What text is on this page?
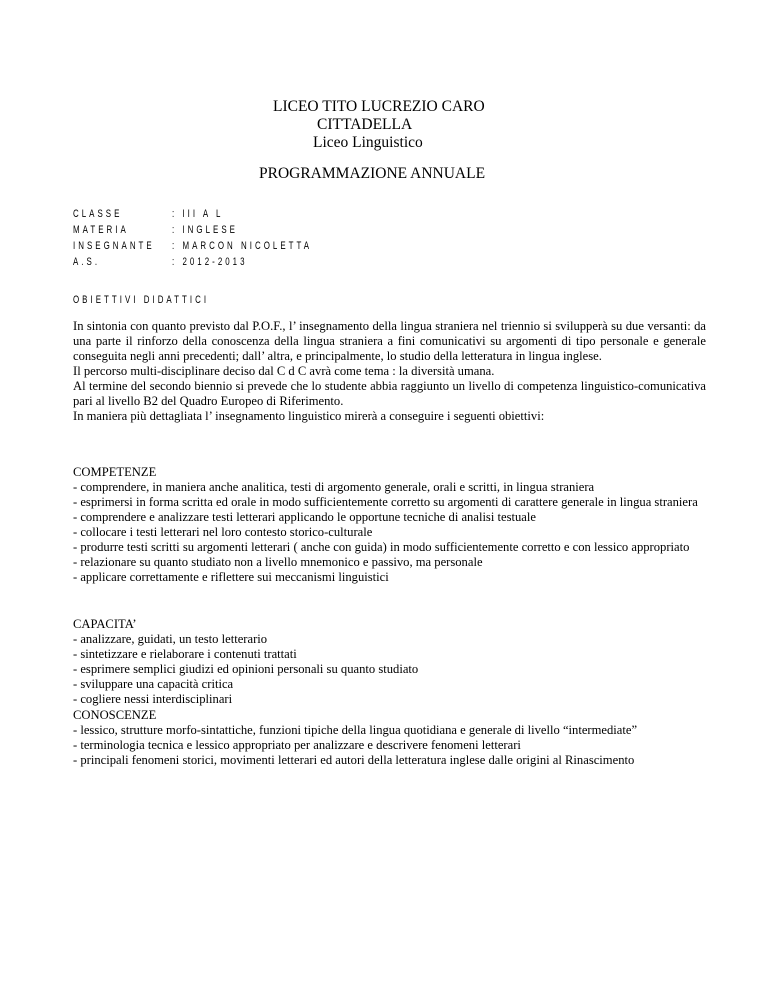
LICEO TITO LUCREZIO CARO
CITTADELLA
Liceo Linguistico
PROGRAMMAZIONE ANNUALE
CLASSE	: III A L
MATERIA	: INGLESE
INSEGNANTE : MARCON NICOLETTA
A.S.	: 2012-2013
OBIETTIVI DIDATTICI

In sintonia con quanto previsto dal P.O.F., l’ insegnamento della lingua straniera nel triennio si svilupperà su due versanti: da una parte il rinforzo della conoscenza della lingua straniera a fini comunicativi su argomenti di tipo personale e generale conseguita negli anni precedenti; dall’ altra, e principalmente, lo studio della letteratura in lingua inglese.

Il percorso multi-disciplinare deciso dal C d C avrà come tema : la diversità umana.

Al termine del secondo biennio si prevede che lo studente abbia raggiunto un livello di competenza linguistico-comunicativa pari al livello B2 del Quadro Europeo di Riferimento.

In maniera più dettagliata l’ insegnamento linguistico mirerà a conseguire i seguenti obiettivi:

COMPETENZE

- comprendere, in maniera anche analitica, testi di argomento generale, orali e scritti, in lingua straniera

- esprimersi in forma scritta ed orale in modo sufficientemente corretto su argomenti di carattere generale in lingua straniera

- comprendere e analizzare testi letterari applicando le opportune tecniche di analisi testuale

- collocare i testi letterari nel loro contesto storico-culturale

- produrre testi scritti su argomenti letterari ( anche con guida) in modo sufficientemente corretto e con lessico appropriato

- relazionare su quanto studiato non a livello mnemonico e passivo, ma personale

- applicare correttamente e riflettere sui meccanismi linguistici

CAPACITA’

- analizzare, guidati, un testo letterario

- sintetizzare e rielaborare i contenuti trattati

- esprimere semplici giudizi ed opinioni personali su quanto studiato

- sviluppare una capacità critica

- cogliere nessi interdisciplinari

CONOSCENZE

- lessico, strutture morfo-sintattiche, funzioni tipiche della lingua quotidiana e generale di livello “intermediate”

- terminologia tecnica e lessico appropriato per analizzare e descrivere fenomeni letterari

- principali fenomeni storici, movimenti letterari ed autori della letteratura inglese dalle origini al Rinascimento
